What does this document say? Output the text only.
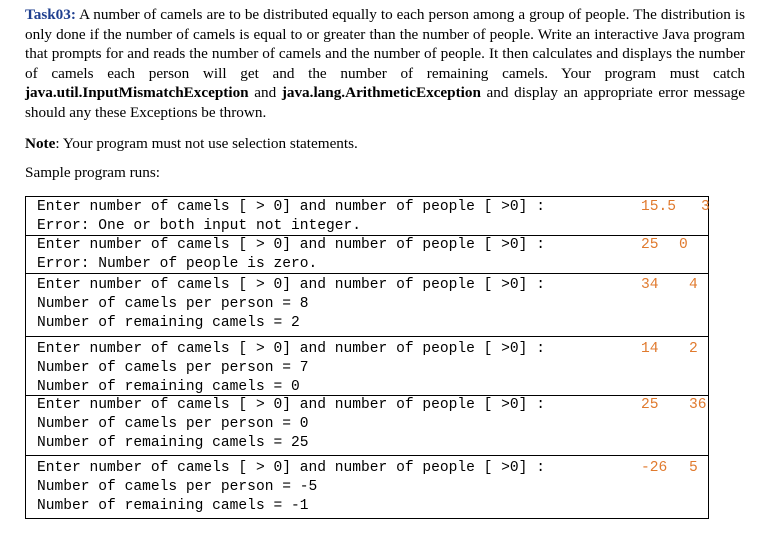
Task03: A number of camels are to be distributed equally to each person among a group of people. The distribution is only done if the number of camels is equal to or greater than the number of people. Write an interactive Java program that prompts for and reads the number of camels and the number of people. It then calculates and displays the number of camels each person will get and the number of remaining camels. Your program must catch java.util.InputMismatchException and java.lang.ArithmeticException and display an appropriate error message should any these Exceptions be thrown.
Note: Your program must not use selection statements.
Sample program runs:
Enter number of camels [ > 0] and number of people [ >0] :	15.5 3
Error: One or both input not integer.
Enter number of camels [ > 0] and number of people [ >0] :	25 0
Error: Number of people is zero.
Enter number of camels [ > 0] and number of people [ >0] :	34 4
Number of camels per person = 8
Number of remaining camels = 2
Enter number of camels [ > 0] and number of people [ >0] :	14 2
Number of camels per person = 7
Number of remaining camels = 0
Enter number of camels [ > 0] and number of people [ >0] :	25 36
Number of camels per person = 0
Number of remaining camels = 25
Enter number of camels [ > 0] and number of people [ >0] :	-26 5
Number of camels per person = -5
Number of remaining camels = -1
